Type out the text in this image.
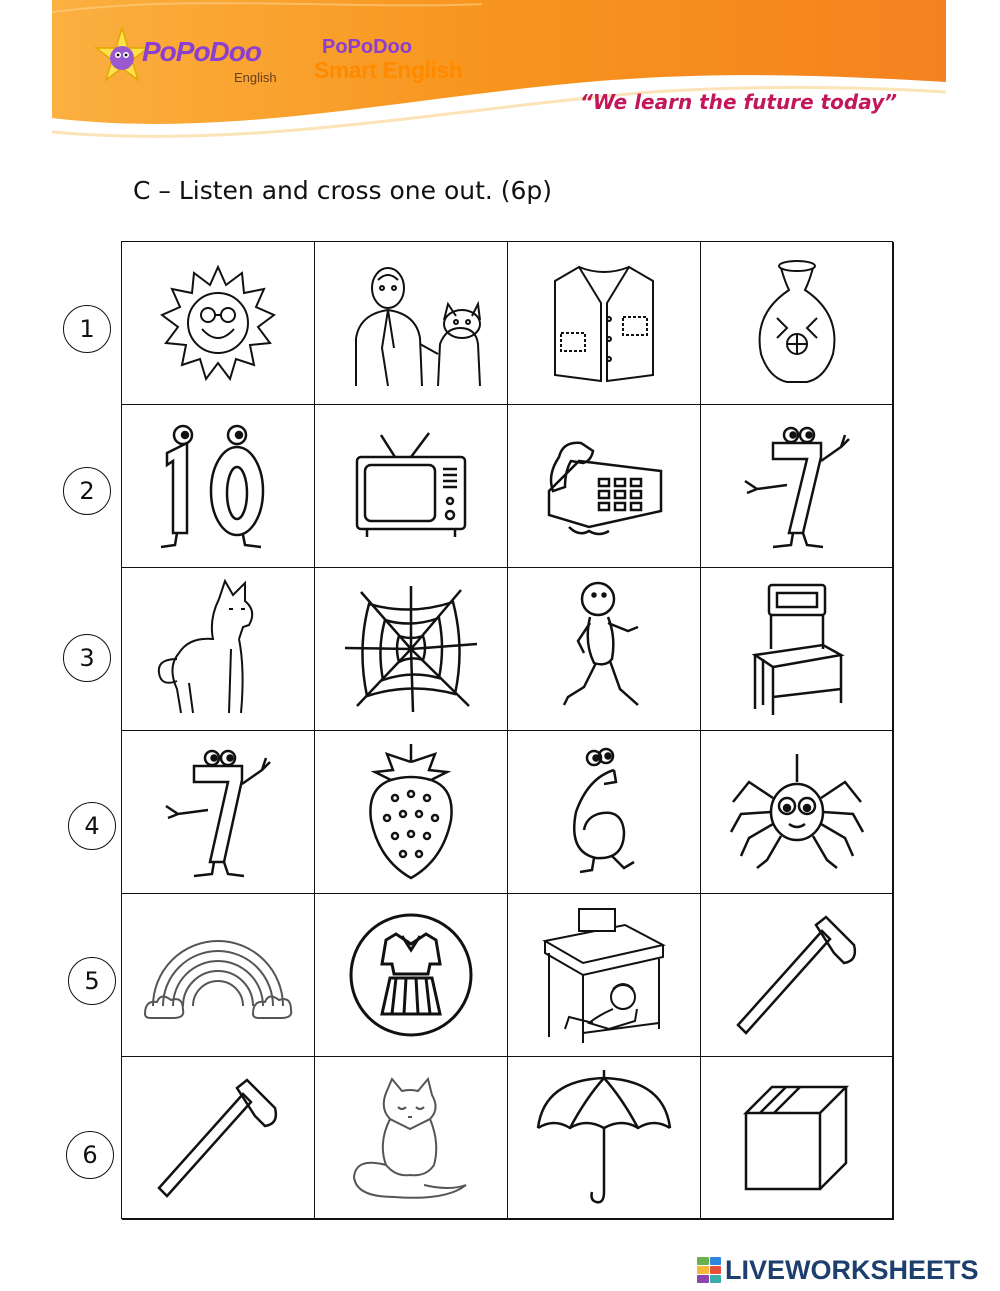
PoPoDoo
English
PoPoDoo
Smart English
“We learn the future today”
C – Listen and cross one out. (6p)
1
2
3
4
5
6
LIVEWORKSHEETS
